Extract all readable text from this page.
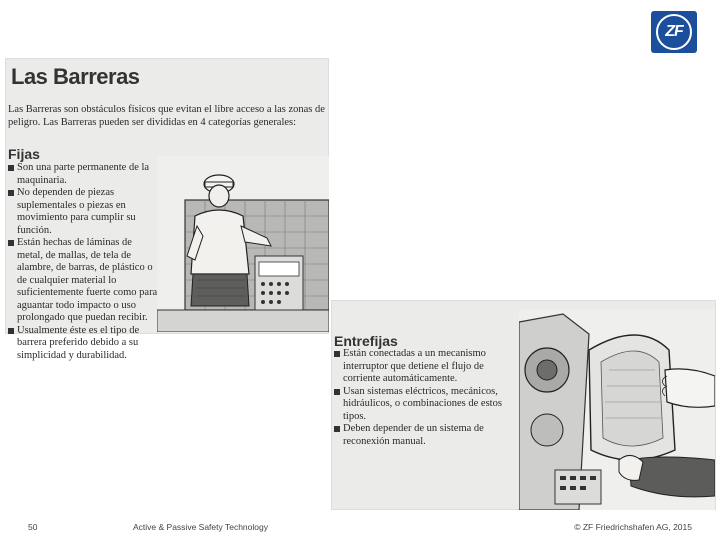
ZF
Las Barreras
Las Barreras son obstáculos físicos que evitan el libre acceso a las zonas de peligro. Las Barreras pueden ser divididas en 4 categorías generales:
Fijas
Son una parte permanente de la maquinaria.
No dependen de piezas suplementales o piezas en movimiento para cumplir su función.
Están hechas de láminas de metal, de mallas, de tela de alambre, de barras, de plástico o de cualquier material lo suficientemente fuerte como para aguantar todo impacto o uso prolongado que puedan recibir.
Usualmente éste es el tipo de barrera preferido debido a su simplicidad y durabilidad.
Entrefijas
Están conectadas a un mecanismo interruptor que detiene el flujo de corriente automáticamente.
Usan sistemas eléctricos, mecánicos, hidráulicos, o combinaciones de estos tipos.
Deben depender de un sistema de reconexión manual.
50	Active & Passive Safety Technology	© ZF Friedrichshafen AG, 2015
